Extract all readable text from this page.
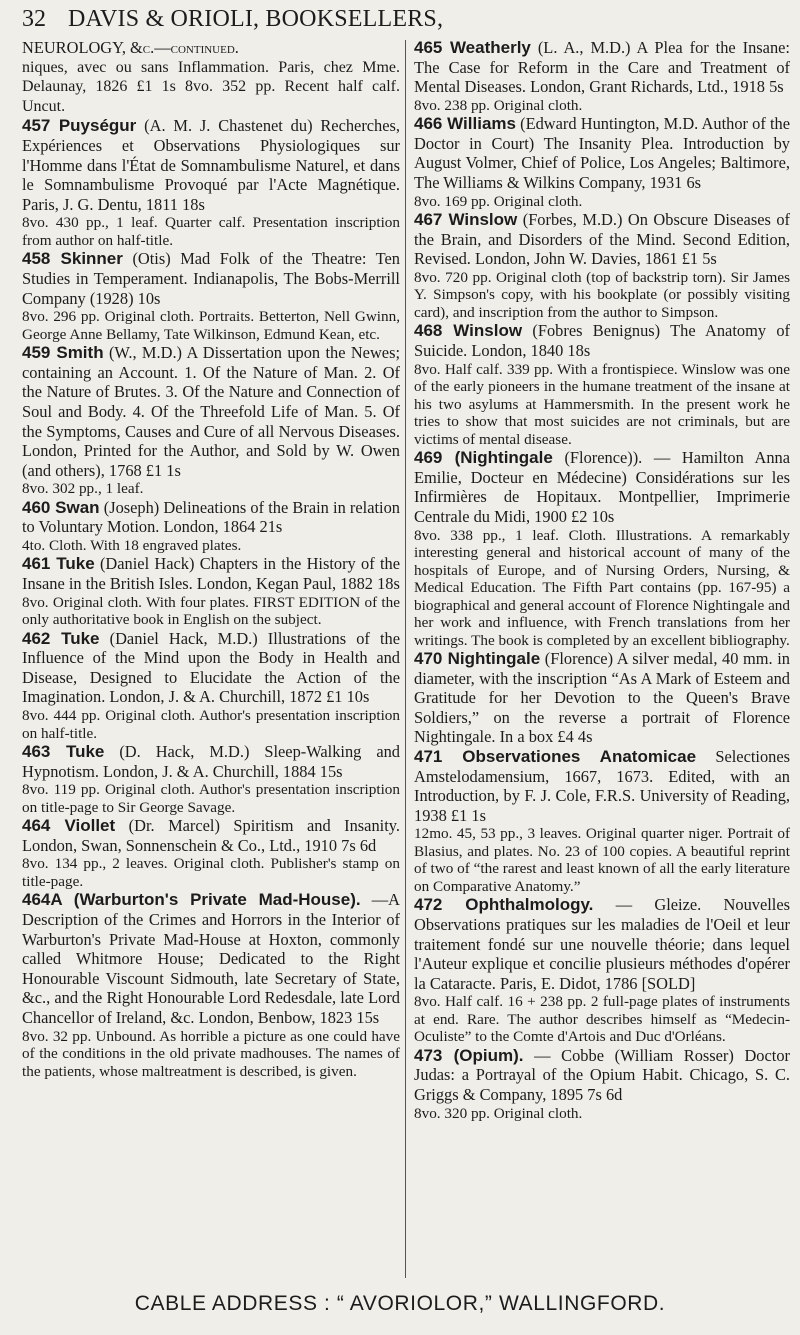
32 DAVIS & ORIOLI, BOOKSELLERS,
NEUROLOGY, &c.—continued.
niques, avec ou sans Inflammation. Paris, chez Mme. Delaunay, 1826 £1 1s 8vo. 352 pp. Recent half calf. Uncut.
457 Puységur (A. M. J. Chastenet du) Recherches, Expériences et Observations Physiologiques sur l'Homme dans l'État de Somnambulisme Naturel, et dans le Somnambulisme Provoqué par l'Acte Magnétique. Paris, J. G. Dentu, 1811 18s
8vo. 430 pp., 1 leaf. Quarter calf. Presentation inscription from author on half-title.
458 Skinner (Otis) Mad Folk of the Theatre: Ten Studies in Temperament. Indianapolis, The Bobs-Merrill Company (1928) 10s
8vo. 296 pp. Original cloth. Portraits. Betterton, Nell Gwinn, George Anne Bellamy, Tate Wilkinson, Edmund Kean, etc.
459 Smith (W., M.D.) A Dissertation upon the Newes; containing an Account. 1. Of the Nature of Man. 2. Of the Nature of Brutes. 3. Of the Nature and Connection of Soul and Body. 4. Of the Threefold Life of Man. 5. Of the Symptoms, Causes and Cure of all Nervous Diseases. London, Printed for the Author, and Sold by W. Owen (and others), 1768 £1 1s
8vo. 302 pp., 1 leaf.
460 Swan (Joseph) Delineations of the Brain in relation to Voluntary Motion. London, 1864 21s
4to. Cloth. With 18 engraved plates.
461 Tuke (Daniel Hack) Chapters in the History of the Insane in the British Isles. London, Kegan Paul, 1882 18s
8vo. Original cloth. With four plates. FIRST EDITION of the only authoritative book in English on the subject.
462 Tuke (Daniel Hack, M.D.) Illustrations of the Influence of the Mind upon the Body in Health and Disease, Designed to Elucidate the Action of the Imagination. London, J. & A. Churchill, 1872 £1 10s
8vo. 444 pp. Original cloth. Author's presentation inscription on half-title.
463 Tuke (D. Hack, M.D.) Sleep-Walking and Hypnotism. London, J. & A. Churchill, 1884 15s
8vo. 119 pp. Original cloth. Author's presentation inscription on title-page to Sir George Savage.
464 Viollet (Dr. Marcel) Spiritism and Insanity. London, Swan, Sonnenschein & Co., Ltd., 1910 7s 6d
8vo. 134 pp., 2 leaves. Original cloth. Publisher's stamp on title-page.
464A (Warburton's Private Mad-House). —A Description of the Crimes and Horrors in the Interior of Warburton's Private Mad-House at Hoxton, commonly called Whitmore House; Dedicated to the Right Honourable Viscount Sidmouth, late Secretary of State, &c., and the Right Honourable Lord Redesdale, late Lord Chancellor of Ireland, &c. London, Benbow, 1823 15s
8vo. 32 pp. Unbound. As horrible a picture as one could have of the conditions in the old private madhouses. The names of the patients, whose maltreatment is described, is given.
465 Weatherly (L. A., M.D.) A Plea for the Insane: The Case for Reform in the Care and Treatment of Mental Diseases. London, Grant Richards, Ltd., 1918 5s
8vo. 238 pp. Original cloth.
466 Williams (Edward Huntington, M.D. Author of the Doctor in Court) The Insanity Plea. Introduction by August Volmer, Chief of Police, Los Angeles; Baltimore, The Williams & Wilkins Company, 1931 6s
8vo. 169 pp. Original cloth.
467 Winslow (Forbes, M.D.) On Obscure Diseases of the Brain, and Disorders of the Mind. Second Edition, Revised. London, John W. Davies, 1861 £1 5s
8vo. 720 pp. Original cloth (top of backstrip torn). Sir James Y. Simpson's copy, with his bookplate (or possibly visiting card), and inscription from the author to Simpson.
468 Winslow (Fobres Benignus) The Anatomy of Suicide. London, 1840 18s
8vo. Half calf. 339 pp. With a frontispiece. Winslow was one of the early pioneers in the humane treatment of the insane at his two asylums at Hammersmith. In the present work he tries to show that most suicides are not criminals, but are victims of mental disease.
469 (Nightingale (Florence)). — Hamilton Anna Emilie, Docteur en Médecine) Considérations sur les Infirmières de Hopitaux. Montpellier, Imprimerie Centrale du Midi, 1900 £2 10s
8vo. 338 pp., 1 leaf. Cloth. Illustrations. A remarkably interesting general and historical account of many of the hospitals of Europe, and of Nursing Orders, Nursing, & Medical Education. The Fifth Part contains (pp. 167-95) a biographical and general account of Florence Nightingale and her work and influence, with French translations from her writings. The book is completed by an excellent bibliography.
470 Nightingale (Florence) A silver medal, 40 mm. in diameter, with the inscription “As A Mark of Esteem and Gratitude for her Devotion to the Queen's Brave Soldiers,” on the reverse a portrait of Florence Nightingale. In a box £4 4s
471 Observationes Anatomicae Selectiones Amstelodamensium, 1667, 1673. Edited, with an Introduction, by F. J. Cole, F.R.S. University of Reading, 1938 £1 1s
12mo. 45, 53 pp., 3 leaves. Original quarter niger. Portrait of Blasius, and plates. No. 23 of 100 copies. A beautiful reprint of two of “the rarest and least known of all the early literature on Comparative Anatomy.”
472 Ophthalmology. — Gleize. Nouvelles Observations pratiques sur les maladies de l'Oeil et leur traitement fondé sur une nouvelle théorie; dans lequel l'Auteur explique et concilie plusieurs méthodes d'opérer la Cataracte. Paris, E. Didot, 1786 [SOLD]
8vo. Half calf. 16 + 238 pp. 2 full-page plates of instruments at end. Rare. The author describes himself as “Medecin-Oculiste” to the Comte d'Artois and Duc d'Orléans.
473 (Opium). — Cobbe (William Rosser) Doctor Judas: a Portrayal of the Opium Habit. Chicago, S. C. Griggs & Company, 1895 7s 6d
8vo. 320 pp. Original cloth.
CABLE ADDRESS : “ AVORIOLOR,” WALLINGFORD.
